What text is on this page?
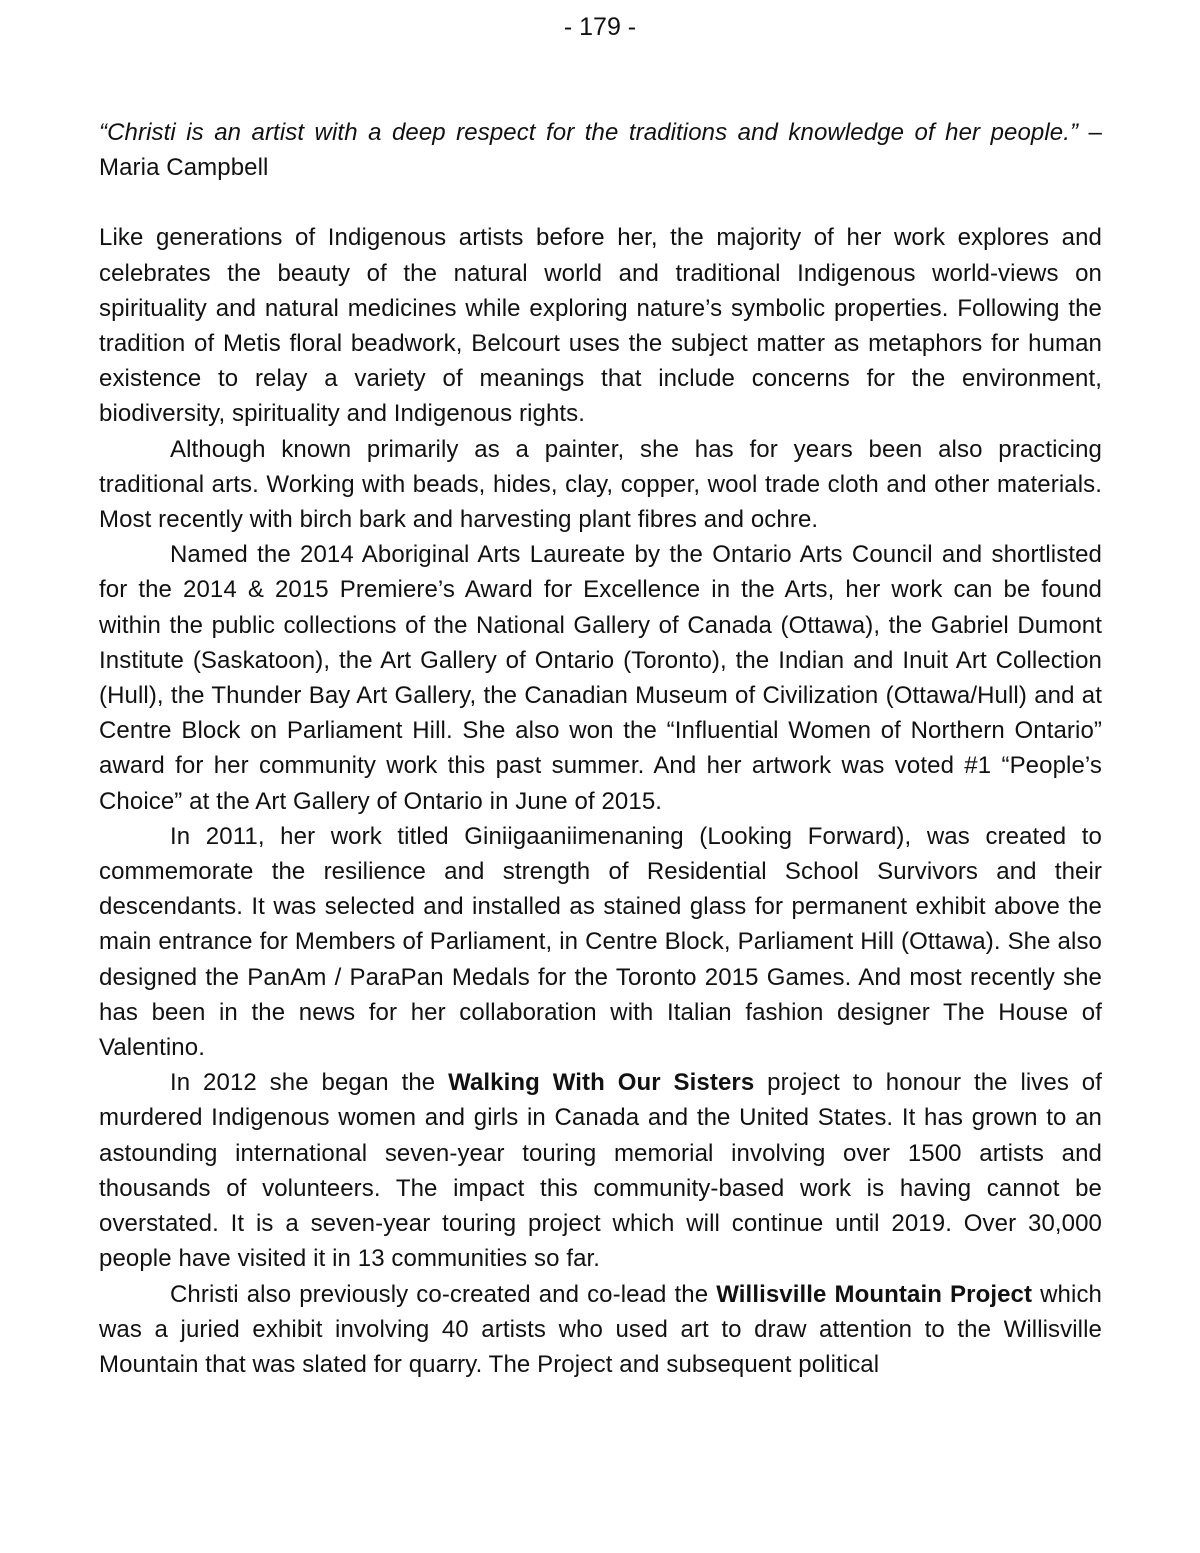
- 179 -

“Christi is an artist with a deep respect for the traditions and knowledge of her people.” – Maria Campbell

Like generations of Indigenous artists before her, the majority of her work explores and celebrates the beauty of the natural world and traditional Indigenous world-views on spirituality and natural medicines while exploring nature’s symbolic properties. Following the tradition of Metis floral beadwork, Belcourt uses the subject matter as metaphors for human existence to relay a variety of meanings that include concerns for the environment, biodiversity, spirituality and Indigenous rights.

Although known primarily as a painter, she has for years been also practicing traditional arts. Working with beads, hides, clay, copper, wool trade cloth and other materials. Most recently with birch bark and harvesting plant fibres and ochre.

Named the 2014 Aboriginal Arts Laureate by the Ontario Arts Council and shortlisted for the 2014 & 2015 Premiere’s Award for Excellence in the Arts, her work can be found within the public collections of the National Gallery of Canada (Ottawa), the Gabriel Dumont Institute (Saskatoon), the Art Gallery of Ontario (Toronto), the Indian and Inuit Art Collection (Hull), the Thunder Bay Art Gallery, the Canadian Museum of Civilization (Ottawa/Hull) and at Centre Block on Parliament Hill. She also won the “Influential Women of Northern Ontario” award for her community work this past summer. And her artwork was voted #1 “People’s Choice” at the Art Gallery of Ontario in June of 2015.

In 2011, her work titled Giniigaaniimenaning (Looking Forward), was created to commemorate the resilience and strength of Residential School Survivors and their descendants. It was selected and installed as stained glass for permanent exhibit above the main entrance for Members of Parliament, in Centre Block, Parliament Hill (Ottawa). She also designed the PanAm / ParaPan Medals for the Toronto 2015 Games. And most recently she has been in the news for her collaboration with Italian fashion designer The House of Valentino.

In 2012 she began the Walking With Our Sisters project to honour the lives of murdered Indigenous women and girls in Canada and the United States. It has grown to an astounding international seven-year touring memorial involving over 1500 artists and thousands of volunteers. The impact this community-based work is having cannot be overstated. It is a seven-year touring project which will continue until 2019. Over 30,000 people have visited it in 13 communities so far.

Christi also previously co-created and co-lead the Willisville Mountain Project which was a juried exhibit involving 40 artists who used art to draw attention to the Willisville Mountain that was slated for quarry. The Project and subsequent political
